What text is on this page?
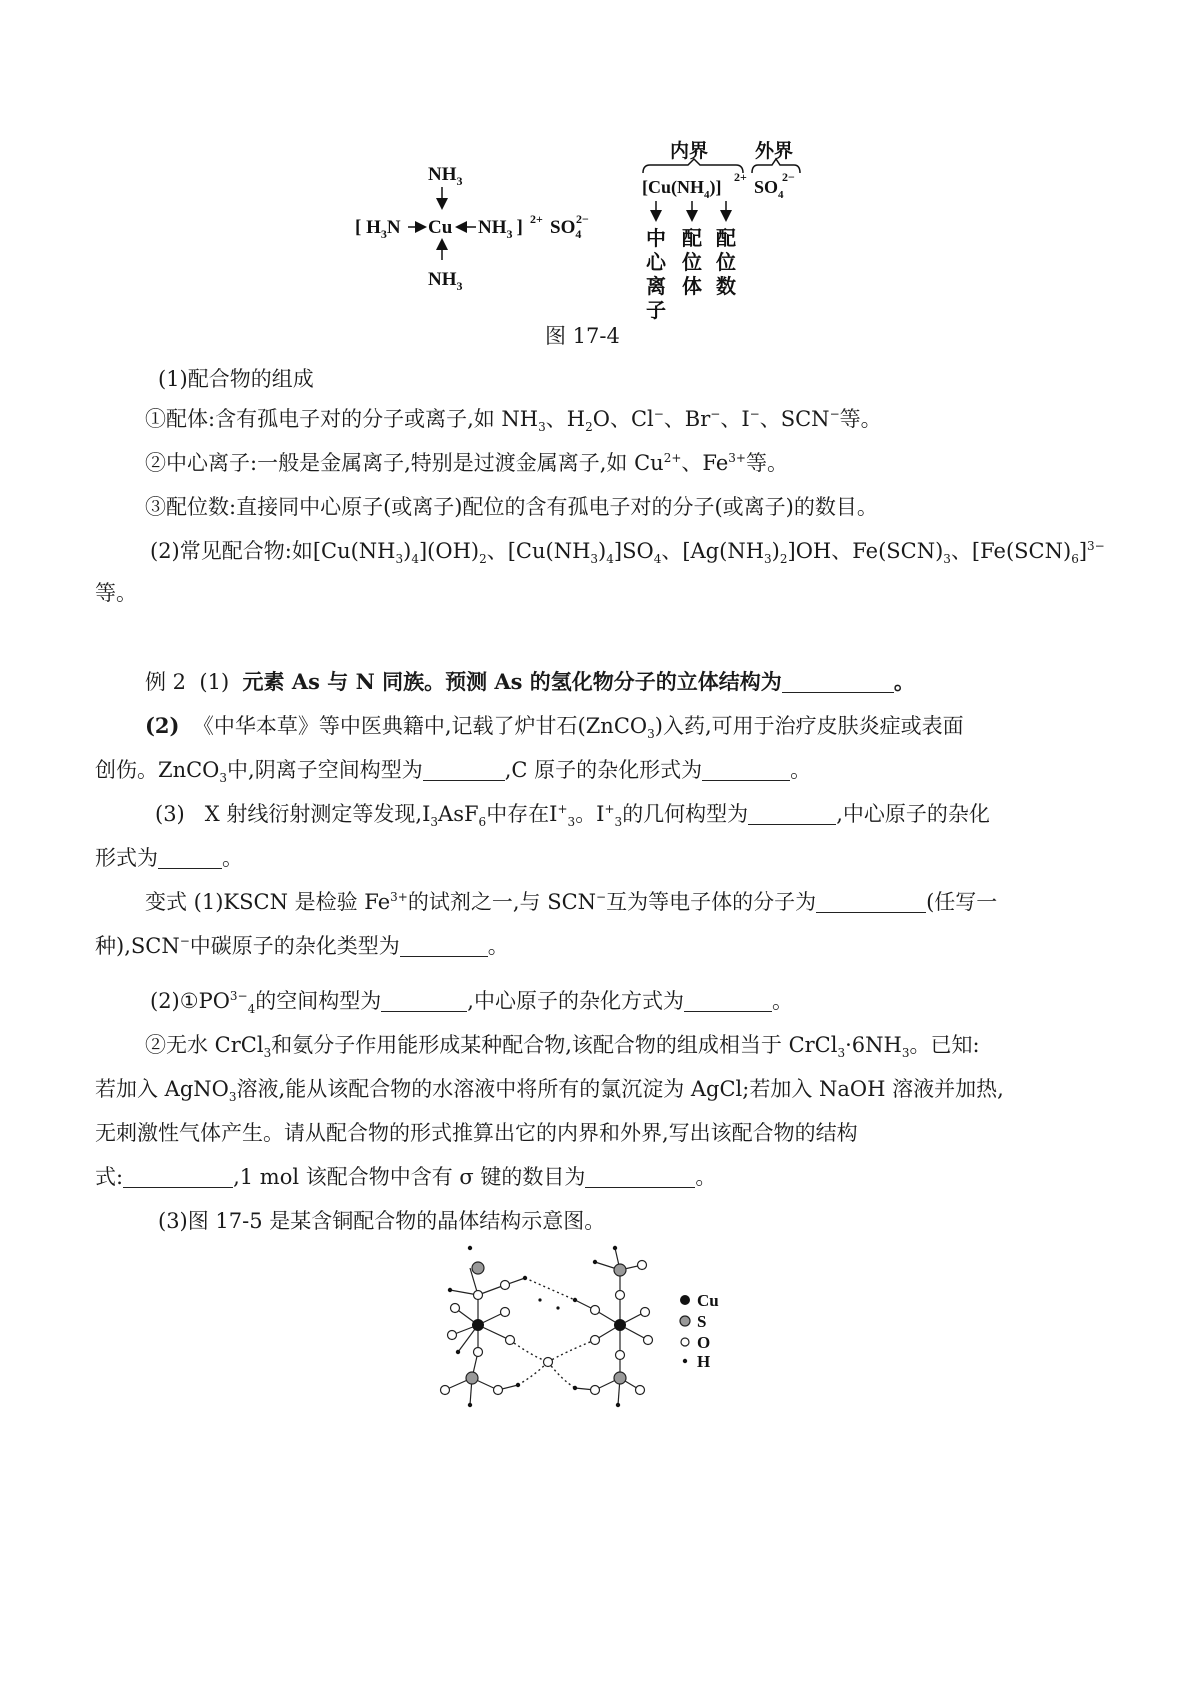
$NH_3$
[ $H_3N$ Cu $NH_3$ ] $2+ SO_4$
2−
$NH_3$
内界 外界
$[Cu(NH_4)]$ $2+ SO_4$
2−
中
心
离
子
配
位
体
配
位
数
图 17-4
(1)配合物的组成
①配体:含有孤电子对的分子或离子,如 $NH_3$、$H_2O$、Cl−、Br−、I−、SCN−等。
②中心离子:一般是金属离子,特别是过渡金属离子,如 $Cu^{2+}$、$Fe^{3+}$等。
③配位数:直接同中心原子(或离子)配位的含有孤电子对的分子(或离子)的数目。
(2)常见配合物:如$[Cu(NH_3)_4](OH)_2$、$[Cu(NH_3)_4]SO_4$、$[Ag(NH_3)_2]OH$、$Fe(SCN)_3$、$[Fe(SCN)_6]^{3-}$
等。
例 2 (1) 元素 As 与 N 同族。预测 As 的氢化物分子的立体结构为	。
(2) 《中华本草》等中医典籍中,记载了炉甘石(ZnCO$_3$)入药,可用于治疗皮肤炎症或表面
创伤。ZnCO$_3$中,阴离子空间构型为	,C 原子的杂化形式为	。
(3) X 射线衍射测定等发现$,I_3AsF_6$中存在$I^+_3$。$I^+_3$的几何构型为	,中心原子的杂化
形式为	。
变式 (1)KSCN 是检验 $Fe^{3+}$的试剂之一,与 SCN−互为等电子体的分子为	(任写一
种),SCN−中碳原子的杂化类型为	。
$(2)①PO^{3-}_4$的空间构型为	,中心原子的杂化方式为	。
②无水 CrCl$_3$和氨分子作用能形成某种配合物,该配合物的组成相当于 $CrCl_3\cdot 6NH_3$。已知:
若加入 AgNO$_3$溶液,能从该配合物的水溶液中将所有的氯沉淀为 AgCl;若加入 NaOH 溶液并加热,
无刺激性气体产生。请从配合物的形式推算出它的内界和外界,写出该配合物的结构
式:	,1 mol 该配合物中含有 σ 键的数目为	。
(3)图 17-5 是某含铜配合物的晶体结构示意图。
Cu
S
O
H
